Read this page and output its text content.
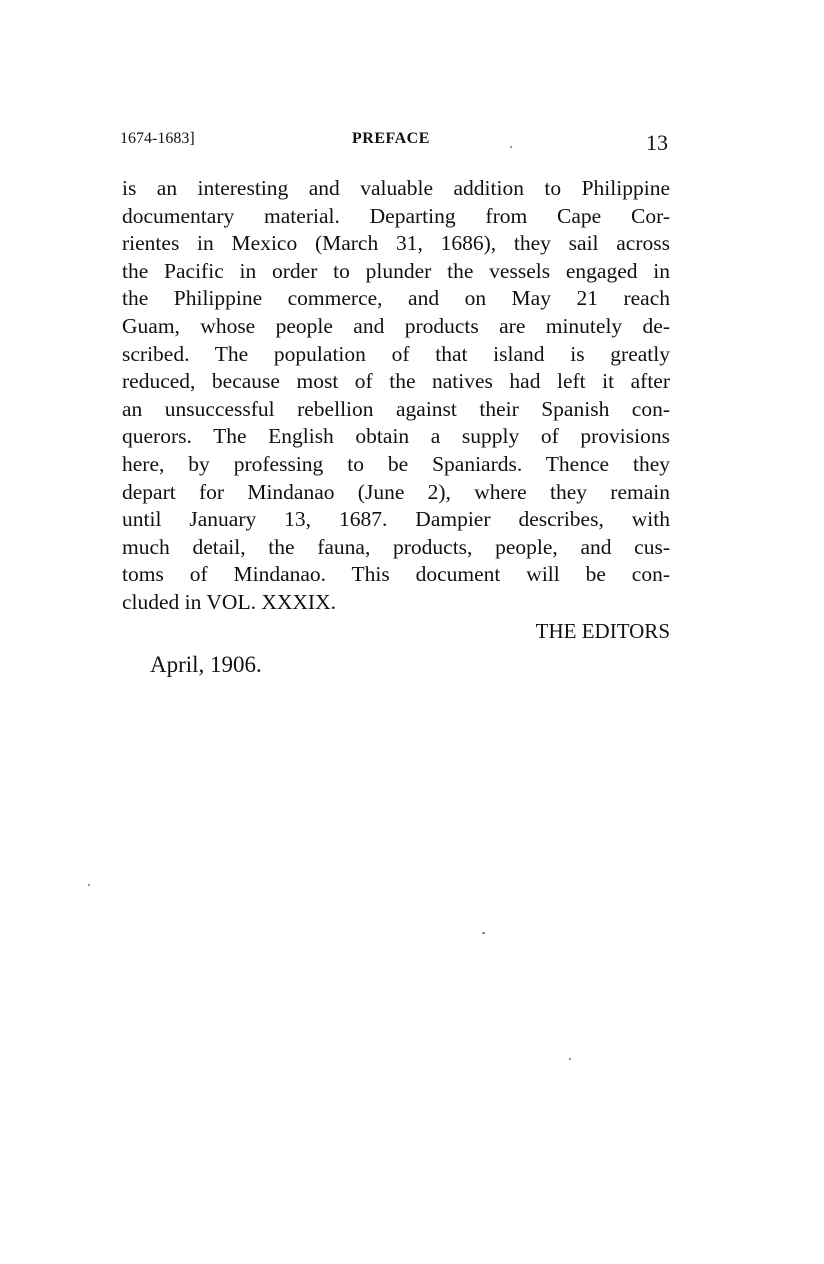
1674-1683]	PREFACE	13
is an interesting and valuable addition to Philippine
documentary material. Departing from Cape Cor-
rientes in Mexico (March 31, 1686), they sail across
the Pacific in order to plunder the vessels engaged in
the Philippine commerce, and on May 21 reach
Guam, whose people and products are minutely de-
scribed. The population of that island is greatly
reduced, because most of the natives had left it after
an unsuccessful rebellion against their Spanish con-
querors. The English obtain a supply of provisions
here, by professing to be Spaniards. Thence they
depart for Mindanao (June 2), where they remain
until January 13, 1687. Dampier describes, with
much detail, the fauna, products, people, and cus-
toms of Mindanao. This document will be con-
cluded in VOL. XXXIX.
THE EDITORS
April, 1906.
